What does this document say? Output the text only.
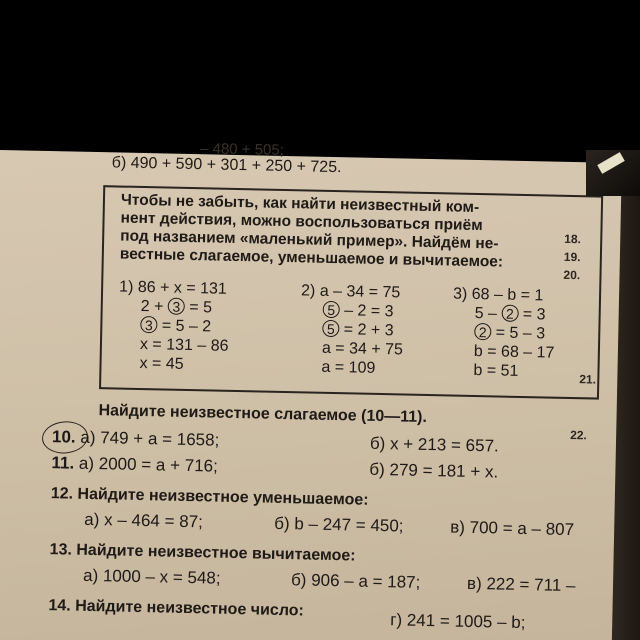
– 480 + 505;
б) 490 + 590 + 301 + 250 + 725.
Чтобы не забыть, как найти неизвестный ком-
нент действия, можно воспользоваться приём
под названием «маленький пример». Найдём не-
вестные слагаемое, уменьшаемое и вычитаемое:
1) 86 + x = 131
2 + 3 = 5
3 = 5 – 2
x = 131 – 86
x = 45
2) a – 34 = 75
5 – 2 = 3
5 = 2 + 3
a = 34 + 75
a = 109
3) 68 – b = 1
5 – 2 = 3
2 = 5 – 3
b = 68 – 17
b = 51
18.
19.
20.
21.
22.
Найдите неизвестное слагаемое (10—11).
10. а) 749 + a = 1658;	б) x + 213 = 657.
11. а) 2000 = a + 716;	б) 279 = 181 + x.
12. Найдите неизвестное уменьшаемое:
а) x – 464 = 87;	б) b – 247 = 450;	в) 700 = a – 807
13. Найдите неизвестное вычитаемое:
а) 1000 – x = 548;	б) 906 – a = 187;	в) 222 = 711 –
14. Найдите неизвестное число:
г) 241 = 1005 – b;
